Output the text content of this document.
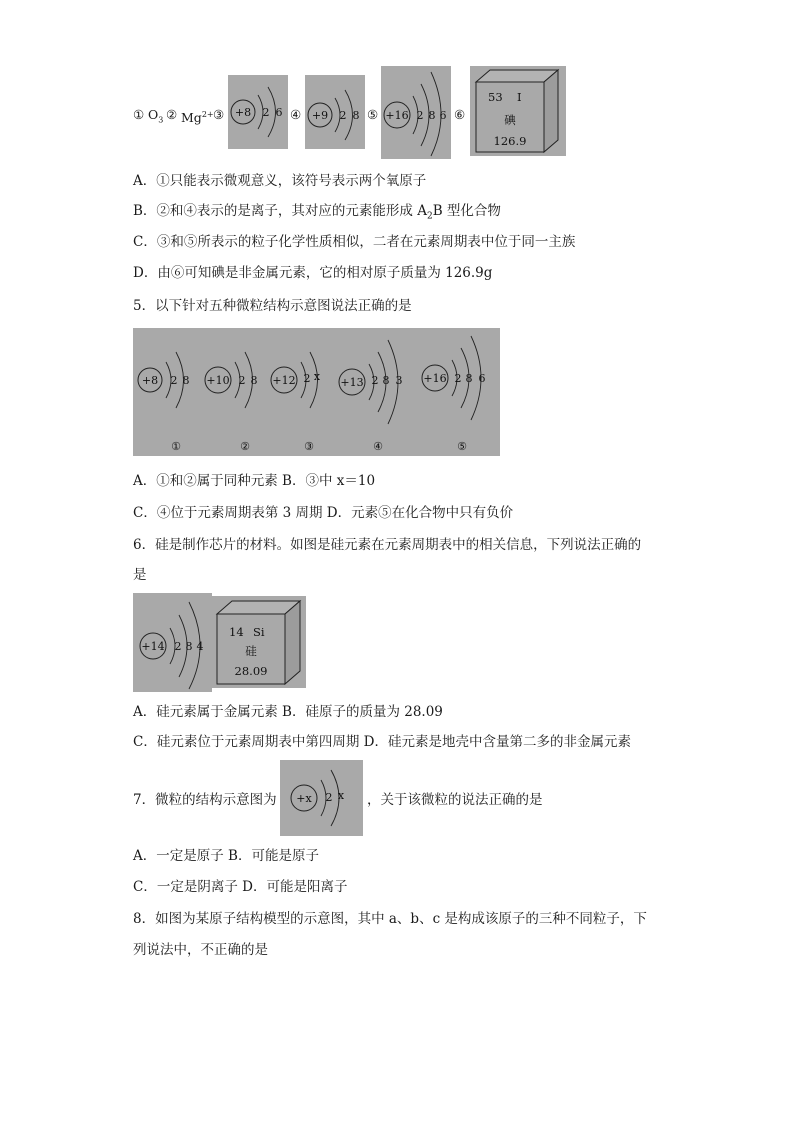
① $O_3$ ② $Mg^{2+}$ ③ +8 2 6 ④ +9 2 8 ⑤ +16 2 8 6 ⑥
53 I
碘
126.9
A．①只能表示微观意义，该符号表示两个氧原子
B．②和④表示的是离子，其对应的元素能形成 $A_2B$ 型化合物
C．③和⑤所表示的粒子化学性质相似，二者在元素周期表中位于同一主族
D．由⑥可知碘是非金属元素，它的相对原子质量为 126.9g
5．以下针对五种微粒结构示意图说法正确的是
+8 2 8
①
+10 2 8
②
+12 2 x
③
+13 2 8 3
④
+16 2 8 6
⑤
A．①和②属于同种元素 B．③中 x＝10
C．④位于元素周期表第 3 周期 D．元素⑤在化合物中只有负价
6．硅是制作芯片的材料。如图是硅元素在元素周期表中的相关信息，下列说法正确的
是
+14 2 8 4
14 Si
硅
28.09
A．硅元素属于金属元素 B．硅原子的质量为 28.09
C．硅元素位于元素周期表中第四周期 D．硅元素是地壳中含量第二多的非金属元素
7．微粒的结构示意图为 +x 2 x ，关于该微粒的说法正确的是
A．一定是原子 B．可能是原子
C．一定是阴离子 D．可能是阳离子
8．如图为某原子结构模型的示意图，其中 a、b、c 是构成该原子的三种不同粒子，下
列说法中，不正确的是
